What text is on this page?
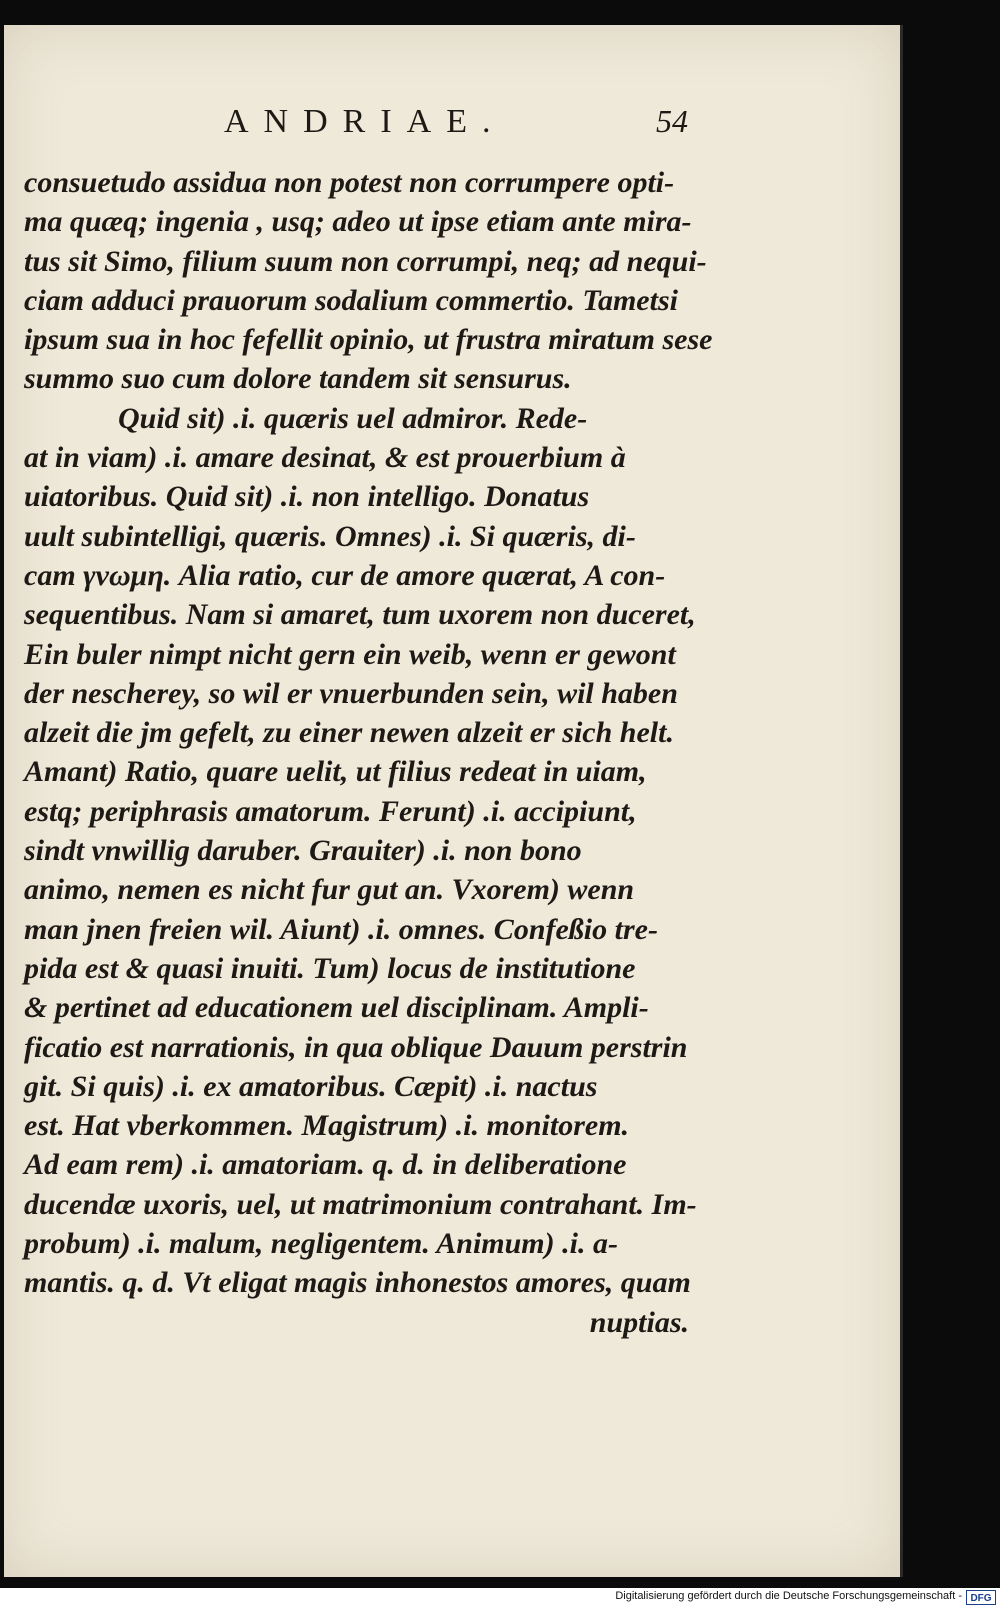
ANDRIAE.	54
consuetudo assidua non potest non corrumpere opti-
ma quæq; ingenia , usq; adeo ut ipse etiam ante mira-
tus sit Simo, filium suum non corrumpi, neq; ad nequi-
ciam adduci prauorum sodalium commertio. Tametsi
ipsum sua in hoc fefellit opinio, ut frustra miratum sese
summo suo cum dolore tandem sit sensurus.
Quid sit) .i. quæris uel admiror. Rede-
at in viam) .i. amare desinat, & est prouerbium à
uiatoribus. Quid sit) .i. non intelligo. Donatus
uult subintelligi, quæris. Omnes) .i. Si quæris, di-
cam γνωμη. Alia ratio, cur de amore quærat, A con-
sequentibus. Nam si amaret, tum uxorem non duceret,
Ein buler nimpt nicht gern ein weib, wenn er gewont
der nescherey, so wil er vnuerbunden sein, wil haben
alzeit die jm gefelt, zu einer newen alzeit er sich helt.
Amant) Ratio, quare uelit, ut filius redeat in uiam,
estq; periphrasis amatorum. Ferunt) .i. accipiunt,
sindt vnwillig daruber. Grauiter) .i. non bono
animo, nemen es nicht fur gut an. Vxorem) wenn
man jnen freien wil. Aiunt) .i. omnes. Confeßio tre-
pida est & quasi inuiti. Tum) locus de institutione
& pertinet ad educationem uel disciplinam. Ampli-
ficatio est narrationis, in qua oblique Dauum perstrin
git. Si quis) .i. ex amatoribus. Cæpit) .i. nactus
est. Hat vberkommen. Magistrum) .i. monitorem.
Ad eam rem) .i. amatoriam. q. d. in deliberatione
ducendæ uxoris, uel, ut matrimonium contrahant. Im-
probum) .i. malum, negligentem. Animum) .i. a-
mantis. q. d. Vt eligat magis inhonestos amores, quam
nuptias.
Digitalisierung gefördert durch die Deutsche Forschungsgemeinschaft - DFG
